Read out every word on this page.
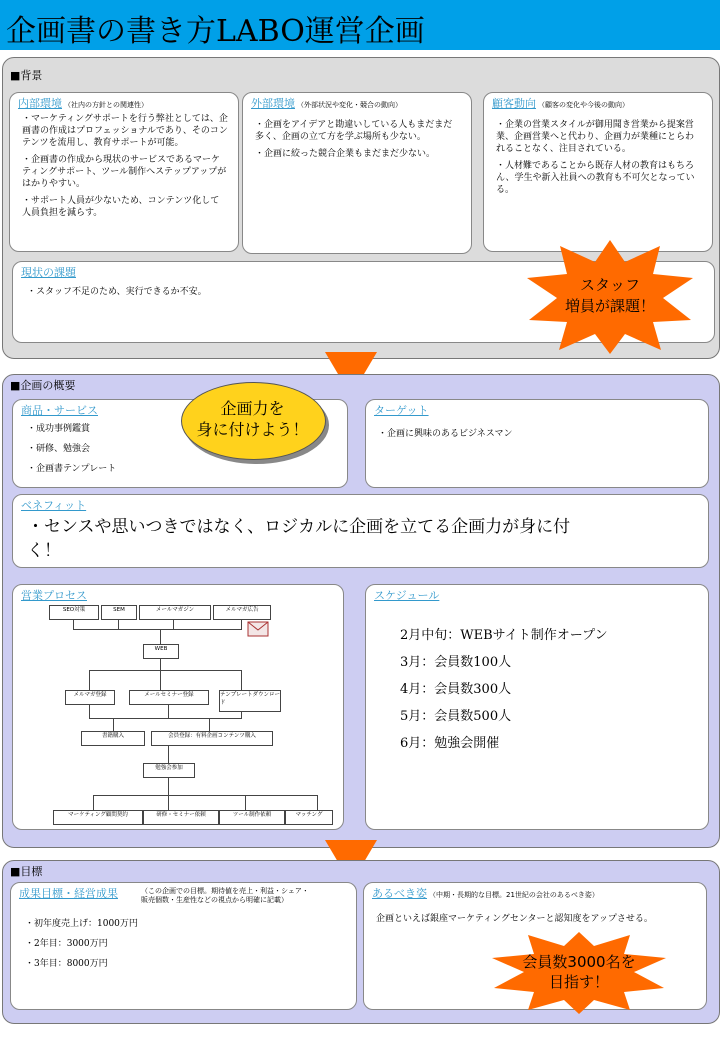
企画書の書き方LABO運営企画
■背景
内部環境 （社内の方針との関連性）

・マーケティングサポートを行う弊社としては、企画書の作成はプロフェッショナルであり、そのコンテンツを流用し、教育サポートが可能。

・企画書の作成から現状のサービスであるマーケティングサポート、ツール制作へステップアップがはかりやすい。

・サポート人員が少ないため、コンテンツ化して人員負担を減らす。

外部環境 （外部状況や変化・競合の動向）

・企画をアイデアと勘違いしている人もまだまだ多く、企画の立て方を学ぶ場所も少ない。

・企画に絞った競合企業もまだまだ少ない。

顧客動向 （顧客の変化や今後の動向）

・企業の営業スタイルが御用聞き営業から提案営業、企画営業へと代わり、企画力が業種にとらわれることなく、注目されている。

・人材難であることから既存人材の教育はもちろん、学生や新入社員への教育も不可欠となっている。

現状の課題

・スタッフ不足のため、実行できるか不安。	スタッフ
増員が課題！
■企画の概要
商品・サービス

・成功事例鑑賞

・研修、勉強会

・企画書テンプレート

企画力を
身に付けよう！
ターゲット

・企画に興味のあるビジネスマン

ベネフィット
・センスや思いつきではなく、ロジカルに企画を立てる企画力が身に付
く！
営業プロセス
SEO対策	SEM	メールマガジン	メルマガ広告
WEB
メルマガ登録	メールセミナー登録	テンプレートダウンロード
書籍購入	会員登録：有料企画コンテンツ購入
勉強会参加
マーケティング顧問契約	研修・セミナー依頼	ツール制作依頼	マッチング
スケジュール

2月中旬：WEBサイト制作オープン

3月：会員数100人

4月：会員数300人

5月：会員数500人

6月：勉強会開催

■目標
成果目標・経営成果	（この企画での目標。期待値を売上・利益・シェア・
販売個数・生産性などの視点から明確に記載）

・初年度売上げ：1000万円

・2年目：3000万円

・3年目：8000万円

あるべき姿 （中期・長期的な目標。21世紀の会社のあるべき姿）

企画といえば銀座マーケティングセンターと認知度をアップさせる。

会員数3000名を
目指す！
